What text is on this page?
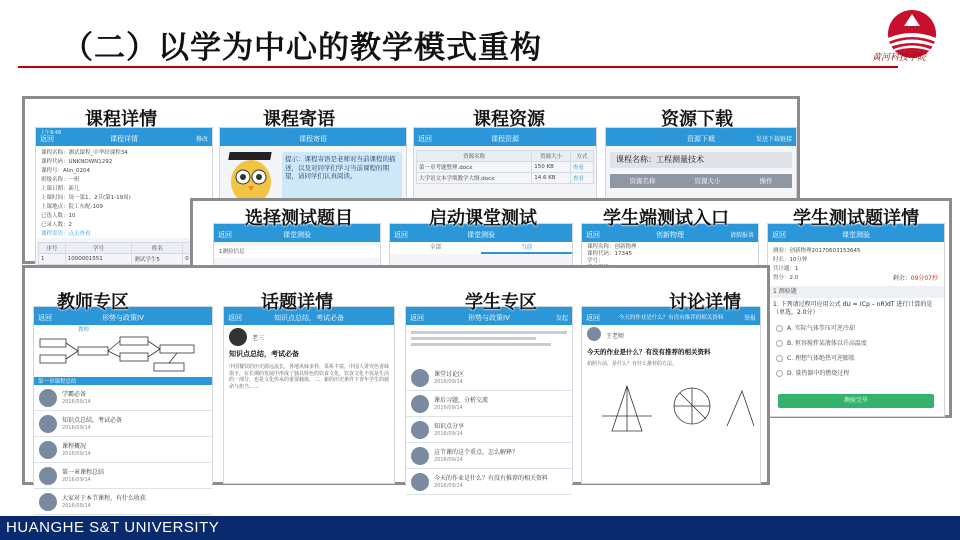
（二）以学为中心的教学模式重构	黄河科技学院
课程详情	课程寄语	课程资源	资源下载
上午9:48
返回	课程详情	修改
课程名称：测试课程_中华经课程34
课程代码：UNKNOWN1292
课程号：Alin_0204
班级名称：一班
上课日期：新几
上课时间：周一第1、2节(第1-19周)
上课地点：院工东配-109
已选人数：10
已录人数：2
课程寄语：点击查看
序号	学号	姓名	
1	1000001551	测试学生5	0
课程寄语
提示：课程寄语是老师对当前课程的描述，以及对同学们学习当前课程的期望，请同学们认真阅读。
返回	课程资源
资源名称	资源大小	方式
第一章考题整理.docx	150 KB	查看
大学语文本学期教学大纲.docx	14.6 KB	查看
资源下载	发送下载链接
课程名称：工程测量技术
资源名称	资源大小	操作
选择测试题目	启动课堂测试	学生端测试入口	学生测试题详情
返回	课堂测验
1测验信息
返回	课堂测验
全部	当前
返回	创新物理	请假报备
课程名称：创新物理
课程代码：17345
学号：
返回	课堂测验
测验：创新物理20170603153645
时长：10分钟
共计题：1
得分：2.0	剩余：09分07秒
1 测验题
1. 下列请过程可应用公式 dU = (Cp – nR)dT 进行计算的是（单选，2.0分）
A. 实际气体等压可逆冷却
B. 恒容搅拌某液体以升高温度
C. 理想气体绝热可逆膨胀
D. 量热器中的燃烧过程
测验完毕
教师专区	话题详情	学生专区	讨论详情
返回	形势与政策IV
教师
第一章课程总结
学霸必备
2016/09/14
知识点总结，考试必备
2016/09/14
课程概况
2016/09/14
第一章课程总结
2016/09/14
大家对于本节课程，有什么收获
2016/09/14
返回	知识点总结，考试必备
老三
知识点总结，考试必备
中国餐饮的历史源远流长，各地风味多样，菜系丰富。中国人讲究色香味俱全，在长期的发展中形成了独具特色的饮食文化。饮食文化不仅是生活的一部分，也是文化传承的重要载体。二、新的历史条件下青年学生的使命与担当……
返回	形势与政策IV	发起
课堂讨论区
2016/09/14
课后习题，分析交流
2016/09/14
知识点分享
2016/09/14
这节课的这个重点，怎么解释？
2016/09/14
今天的作业是什么？有没有推荐的相关资料
2016/09/14
返回	今天的作业是什么？有没有推荐的相关资料	举报
王老师
今天的作业是什么？有没有推荐的相关资料
拍照片前，是什么？有什么推荐的方法。
HUANGHE S&T UNIVERSITY
